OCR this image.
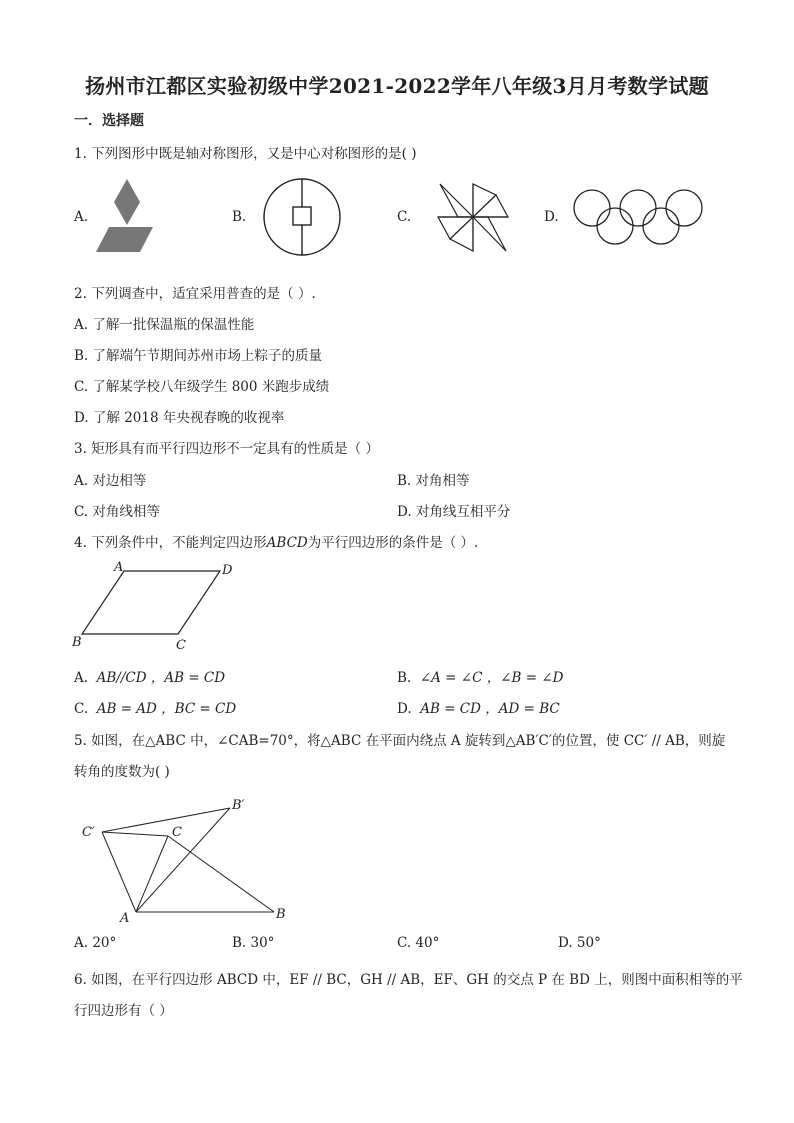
扬州市江都区实验初级中学2021-2022学年八年级3月月考数学试题
一．选择题
1. 下列图形中既是轴对称图形，又是中心对称图形的是( )
A.	B.	C.	D.
2. 下列调查中，适宜采用普查的是（ ）.
A. 了解一批保温瓶的保温性能
B. 了解端午节期间苏州市场上粽子的质量
C. 了解某学校八年级学生 800 米跑步成绩
D. 了解 2018 年央视春晚的收视率
3. 矩形具有而平行四边形不一定具有的性质是（ ）
A. 对边相等	B. 对角相等
C. 对角线相等	D. 对角线互相平分
4. 下列条件中，不能判定四边形ABCD为平行四边形的条件是（ ）.
A	D
B	C
A. AB//CD ，AB = CD	B. ∠A = ∠C ，∠B = ∠D
C. AB = AD ，BC = CD	D. AB = CD ，AD = BC
5. 如图，在△ABC 中，∠CAB=70°，将△ABC 在平面内绕点 A 旋转到△AB′C′的位置，使 CC′ // AB，则旋
转角的度数为( )
C′	C
B′
A	B
A. 20°	B. 30°	C. 40°	D. 50°
6. 如图，在平行四边形 ABCD 中，EF // BC，GH // AB，EF、GH 的交点 P 在 BD 上，则图中面积相等的平
行四边形有（ ）
